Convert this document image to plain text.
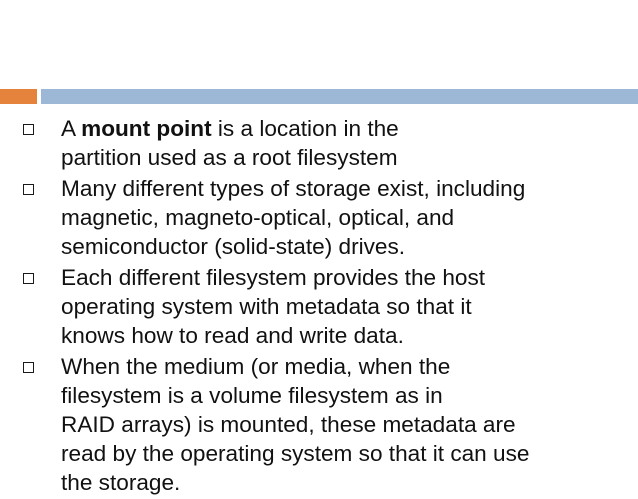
A mount point is a location in the
partition used as a root filesystem
Many different types of storage exist, including
magnetic, magneto-optical, optical, and
semiconductor (solid-state) drives.
Each different filesystem provides the host
operating system with metadata so that it
knows how to read and write data.
When the medium (or media, when the
filesystem is a volume filesystem as in
RAID arrays) is mounted, these metadata are
read by the operating system so that it can use
the storage.
